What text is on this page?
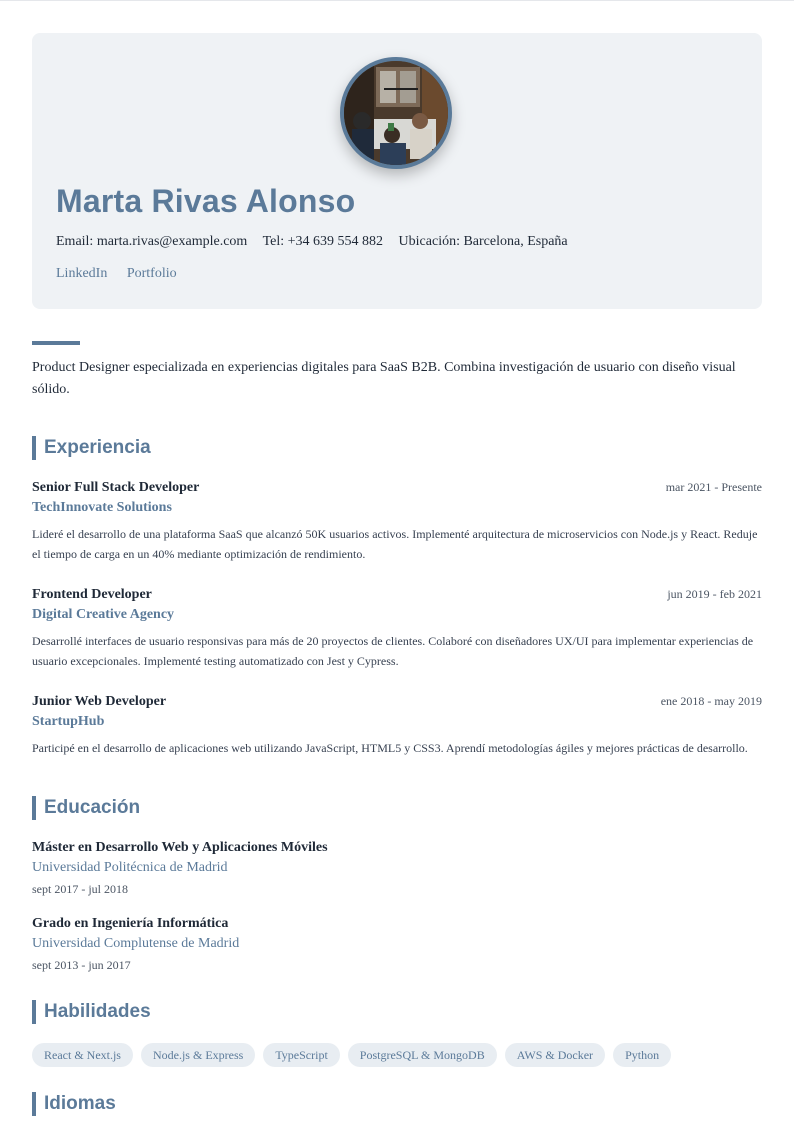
Marta Rivas Alonso
Email: marta.rivas@example.com Tel: +34 639 554 882 Ubicación: Barcelona, España
LinkedIn Portfolio

Product Designer especializada en experiencias digitales para SaaS B2B. Combina investigación de usuario con diseño visual sólido.

Experiencia
Senior Full Stack Developer	mar 2021 - Presente
TechInnovate Solutions
Lideré el desarrollo de una plataforma SaaS que alcanzó 50K usuarios activos. Implementé arquitectura de microservicios con Node.js y React. Reduje el tiempo de carga en un 40% mediante optimización de rendimiento.
Frontend Developer	jun 2019 - feb 2021
Digital Creative Agency
Desarrollé interfaces de usuario responsivas para más de 20 proyectos de clientes. Colaboré con diseñadores UX/UI para implementar experiencias de usuario excepcionales. Implementé testing automatizado con Jest y Cypress.
Junior Web Developer	ene 2018 - may 2019
StartupHub
Participé en el desarrollo de aplicaciones web utilizando JavaScript, HTML5 y CSS3. Aprendí metodologías ágiles y mejores prácticas de desarrollo.
Educación
Máster en Desarrollo Web y Aplicaciones Móviles
Universidad Politécnica de Madrid
sept 2017 - jul 2018
Grado en Ingeniería Informática
Universidad Complutense de Madrid
sept 2013 - jun 2017
Habilidades
React & Next.js	Node.js & Express	TypeScript	PostgreSQL & MongoDB	AWS & Docker	Python
Idiomas
